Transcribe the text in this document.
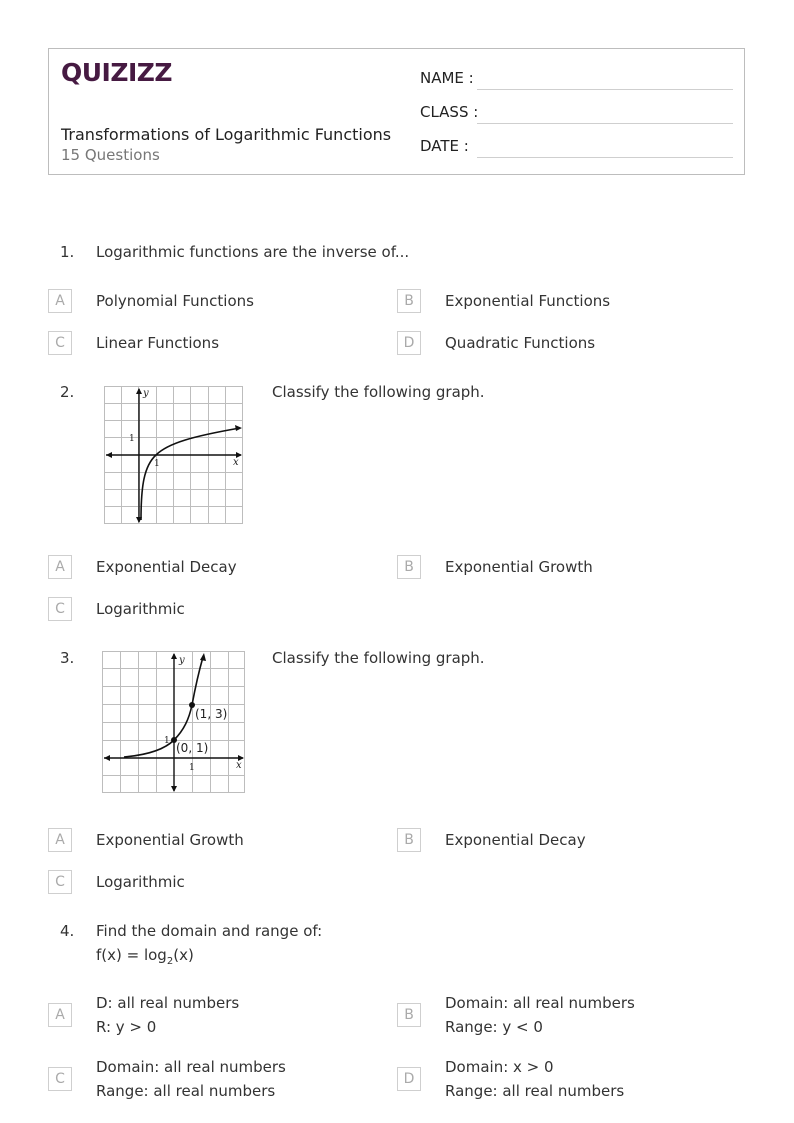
QUIZIZZ
Transformations of Logarithmic Functions
15 Questions
NAME :
CLASS :
DATE :
1. Logarithmic functions are the inverse of...
A	Polynomial Functions	B	Exponential Functions
C	Linear Functions	D	Quadratic Functions
2.	y
x
1
1
Classify the following graph.
A	Exponential Decay	B	Exponential Growth
C	Logarithmic
3.	y
x
1
1
(1, 3)
(0, 1)
Classify the following graph.
A	Exponential Growth	B	Exponential Decay
C	Logarithmic
4. Find the domain and range of:
$f(x) = \log_2(x)$
A
D: all real numbers
R: y > 0
B
Domain: all real numbers
Range: y < 0
C
Domain: all real numbers
Range: all real numbers
D
Domain: x > 0
Range: all real numbers
